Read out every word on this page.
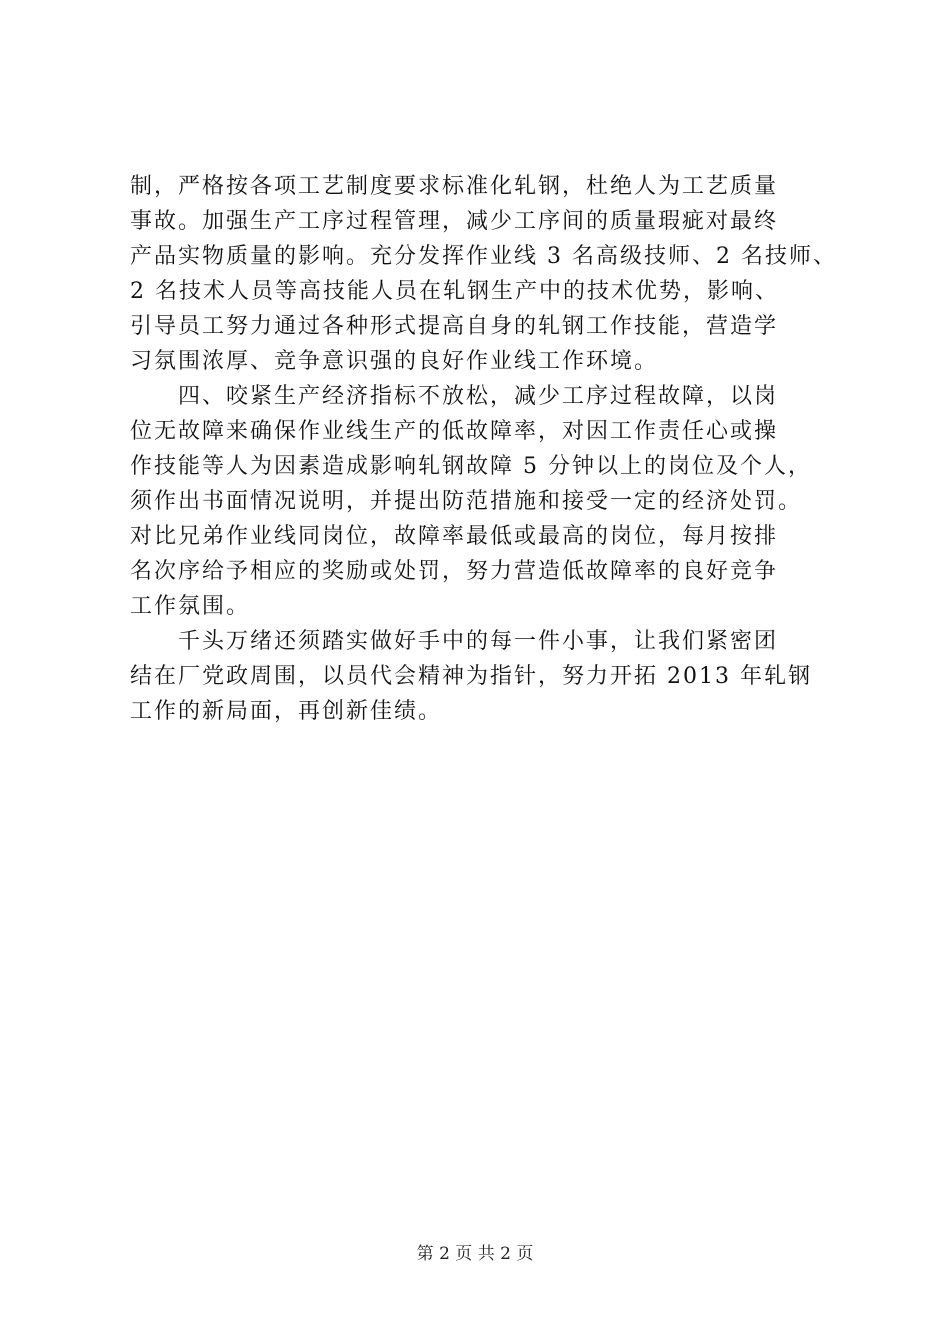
制，严格按各项工艺制度要求标准化轧钢，杜绝人为工艺质量
事故。加强生产工序过程管理，减少工序间的质量瑕疵对最终
产品实物质量的影响。充分发挥作业线 3 名高级技师、2 名技师、
2 名技术人员等高技能人员在轧钢生产中的技术优势，影响、
引导员工努力通过各种形式提高自身的轧钢工作技能，营造学
习氛围浓厚、竞争意识强的良好作业线工作环境。
　　四、咬紧生产经济指标不放松，减少工序过程故障，以岗
位无故障来确保作业线生产的低故障率，对因工作责任心或操
作技能等人为因素造成影响轧钢故障 5 分钟以上的岗位及个人，
须作出书面情况说明，并提出防范措施和接受一定的经济处罚。
对比兄弟作业线同岗位，故障率最低或最高的岗位，每月按排
名次序给予相应的奖励或处罚，努力营造低故障率的良好竞争
工作氛围。
　　千头万绪还须踏实做好手中的每一件小事，让我们紧密团
结在厂党政周围，以员代会精神为指针，努力开拓 2013 年轧钢
工作的新局面，再创新佳绩。
第 2 页 共 2 页
